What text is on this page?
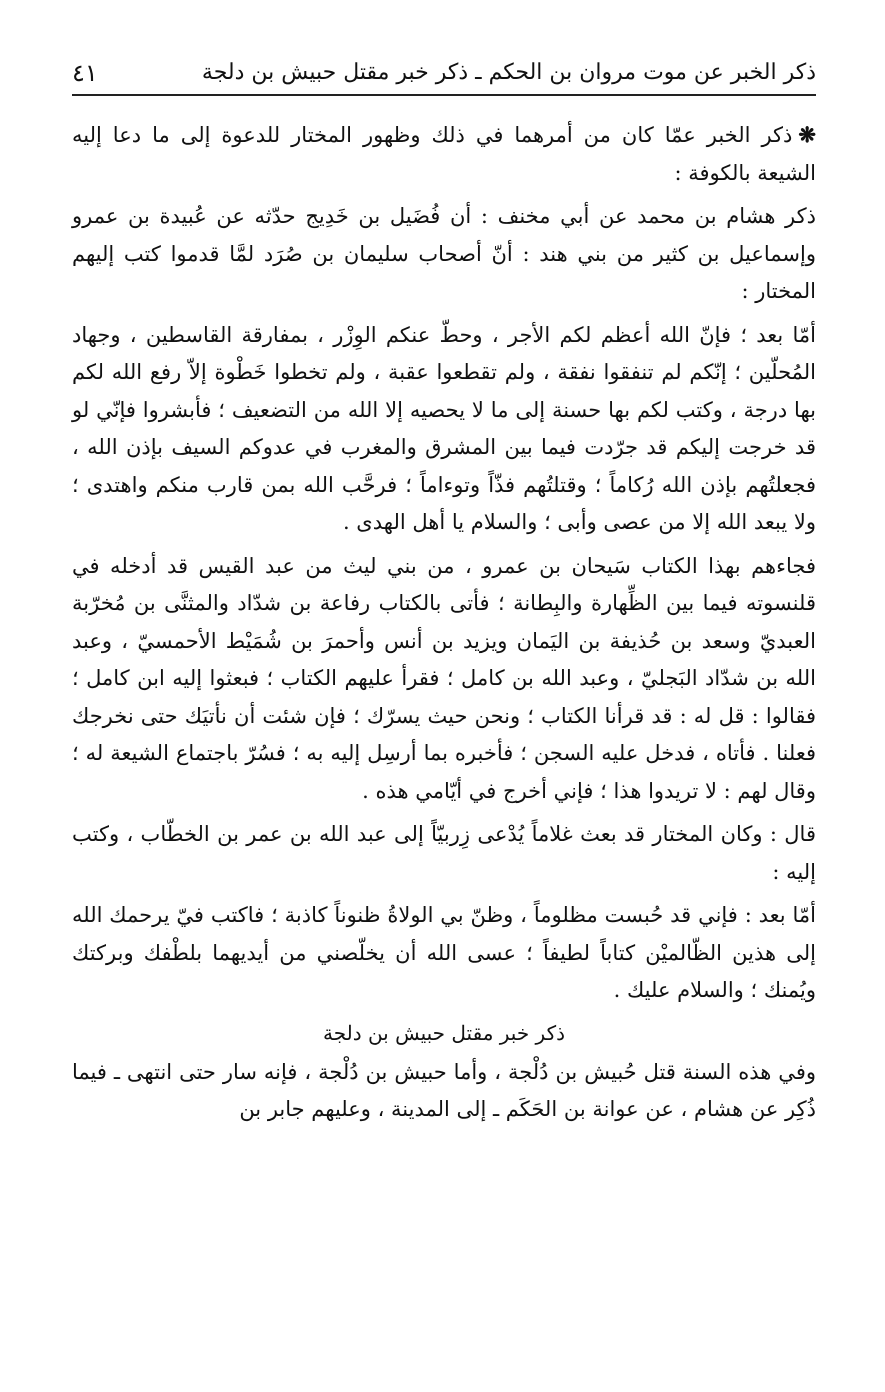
ذكر الخبر عن موت مروان بن الحكم ـ ذكر خبر مقتل حبيش بن دلجة
٤١

❋ذكر الخبر عمّا كان من أمرهما في ذلك وظهور المختار للدعوة إلى ما دعا إليه الشيعة بالكوفة :

ذكر هشام بن محمد عن أبي مخنف : أن فُضَيل بن خَدِيج حدّثه عن عُبيدة بن عمرو وإسماعيل بن كثير من بني هند : أنّ أصحاب سليمان بن صُرَد لمَّا قدموا كتب إليهم المختار :

أمّا بعد ؛ فإنّ الله أعظم لكم الأجر ، وحطّ عنكم الوِزْر ، بمفارقة القاسطين ، وجهاد المُحلّين ؛ إنّكم لم تنفقوا نفقة ، ولم تقطعوا عقبة ، ولم تخطوا خَطْوة إلاّ رفع الله لكم بها درجة ، وكتب لكم بها حسنة إلى ما لا يحصيه إلا الله من التضعيف ؛ فأبشروا فإنّي لو قد خرجت إليكم قد جرّدت فيما بين المشرق والمغرب في عدوكم السيف بإذن الله ، فجعلتُهم بإذن الله رُكاماً ؛ وقتلتُهم فذّاً وتوءاماً ؛ فرحَّب الله بمن قارب منكم واهتدى ؛ ولا يبعد الله إلا من عصى وأبى ؛ والسلام يا أهل الهدى .

فجاءهم بهذا الكتاب سَيحان بن عمرو ، من بني ليث من عبد القيس قد أدخله في قلنسوته فيما بين الظِّهارة والبِطانة ؛ فأتى بالكتاب رفاعة بن شدّاد والمثنَّى بن مُخرّبة العبديّ وسعد بن حُذيفة بن اليَمان ويزيد بن أنس وأحمرَ بن شُمَيْط الأحمسيّ ، وعبد الله بن شدّاد البَجليّ ، وعبد الله بن كامل ؛ فقرأ عليهم الكتاب ؛ فبعثوا إليه ابن كامل ؛ فقالوا : قل له : قد قرأنا الكتاب ؛ ونحن حيث يسرّك ؛ فإن شئت أن نأتيَك حتى نخرجك فعلنا . فأتاه ، فدخل عليه السجن ؛ فأخبره بما أرسِل إليه به ؛ فسُرّ باجتماع الشيعة له ؛ وقال لهم : لا تريدوا هذا ؛ فإني أخرج في أيّامي هذه .

قال : وكان المختار قد بعث غلاماً يُدْعى زِربيّاً إلى عبد الله بن عمر بن الخطّاب ، وكتب إليه :

أمّا بعد : فإني قد حُبست مظلوماً ، وظنّ بي الولاةُ ظنوناً كاذبة ؛ فاكتب فيّ يرحمك الله إلى هذين الظّالميْن كتاباً لطيفاً ؛ عسى الله أن يخلّصني من أيديهما بلطْفك وبركتك ويُمنك ؛ والسلام عليك .

ذكر خبر مقتل حبيش بن دلجة

وفي هذه السنة قتل حُبيش بن دُلْجة ، وأما حبيش بن دُلْجة ، فإنه سار حتى انتهى ـ فيما ذُكِر عن هشام ، عن عوانة بن الحَكَم ـ إلى المدينة ، وعليهم جابر بن
